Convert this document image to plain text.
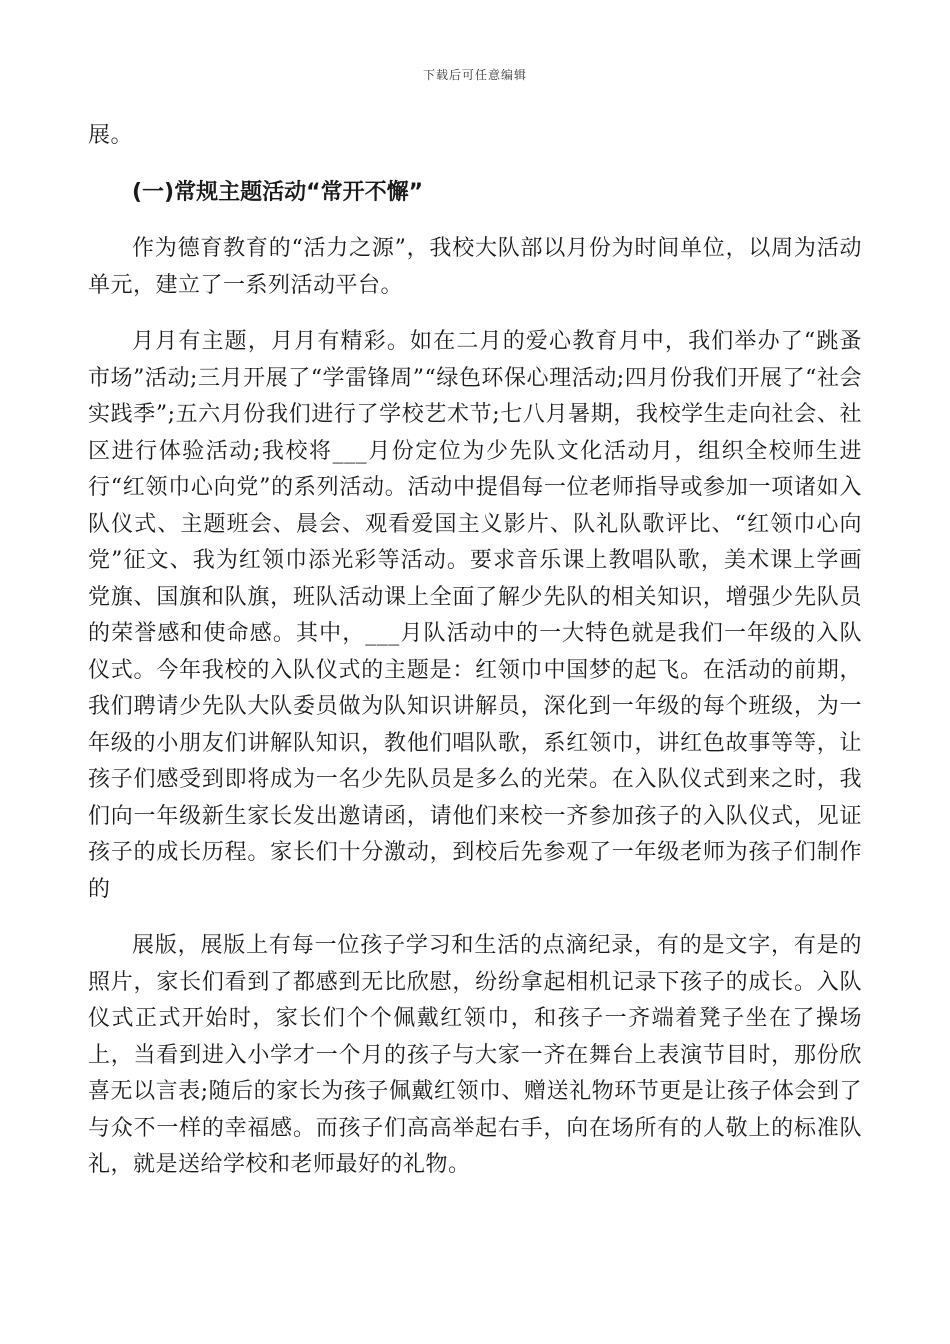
下载后可任意编辑

展。

(一)常规主题活动“常开不懈”

作为德育教育的“活力之源”，我校大队部以月份为时间单位，以周为活动单元，建立了一系列活动平台。

月月有主题，月月有精彩。如在二月的爱心教育月中，我们举办了“跳蚤市场”活动;三月开展了“学雷锋周”“绿色环保心理活动;四月份我们开展了“社会实践季”;五六月份我们进行了学校艺术节;七八月暑期，我校学生走向社会、社区进行体验活动;我校将___月份定位为少先队文化活动月，组织全校师生进行“红领巾心向党”的系列活动。活动中提倡每一位老师指导或参加一项诸如入队仪式、主题班会、晨会、观看爱国主义影片、队礼队歌评比、“红领巾心向党”征文、我为红领巾添光彩等活动。要求音乐课上教唱队歌，美术课上学画党旗、国旗和队旗，班队活动课上全面了解少先队的相关知识，增强少先队员的荣誉感和使命感。其中，___月队活动中的一大特色就是我们一年级的入队仪式。今年我校的入队仪式的主题是：红领巾中国梦的起飞。在活动的前期，我们聘请少先队大队委员做为队知识讲解员，深化到一年级的每个班级，为一年级的小朋友们讲解队知识，教他们唱队歌，系红领巾，讲红色故事等等，让孩子们感受到即将成为一名少先队员是多么的光荣。在入队仪式到来之时，我们向一年级新生家长发出邀请函，请他们来校一齐参加孩子的入队仪式，见证孩子的成长历程。家长们十分激动，到校后先参观了一年级老师为孩子们制作的

展版，展版上有每一位孩子学习和生活的点滴纪录，有的是文字，有是的照片，家长们看到了都感到无比欣慰，纷纷拿起相机记录下孩子的成长。入队仪式正式开始时，家长们个个佩戴红领巾，和孩子一齐端着凳子坐在了操场上，当看到进入小学才一个月的孩子与大家一齐在舞台上表演节目时，那份欣喜无以言表;随后的家长为孩子佩戴红领巾、赠送礼物环节更是让孩子体会到了与众不一样的幸福感。而孩子们高高举起右手，向在场所有的人敬上的标准队礼，就是送给学校和老师最好的礼物。
